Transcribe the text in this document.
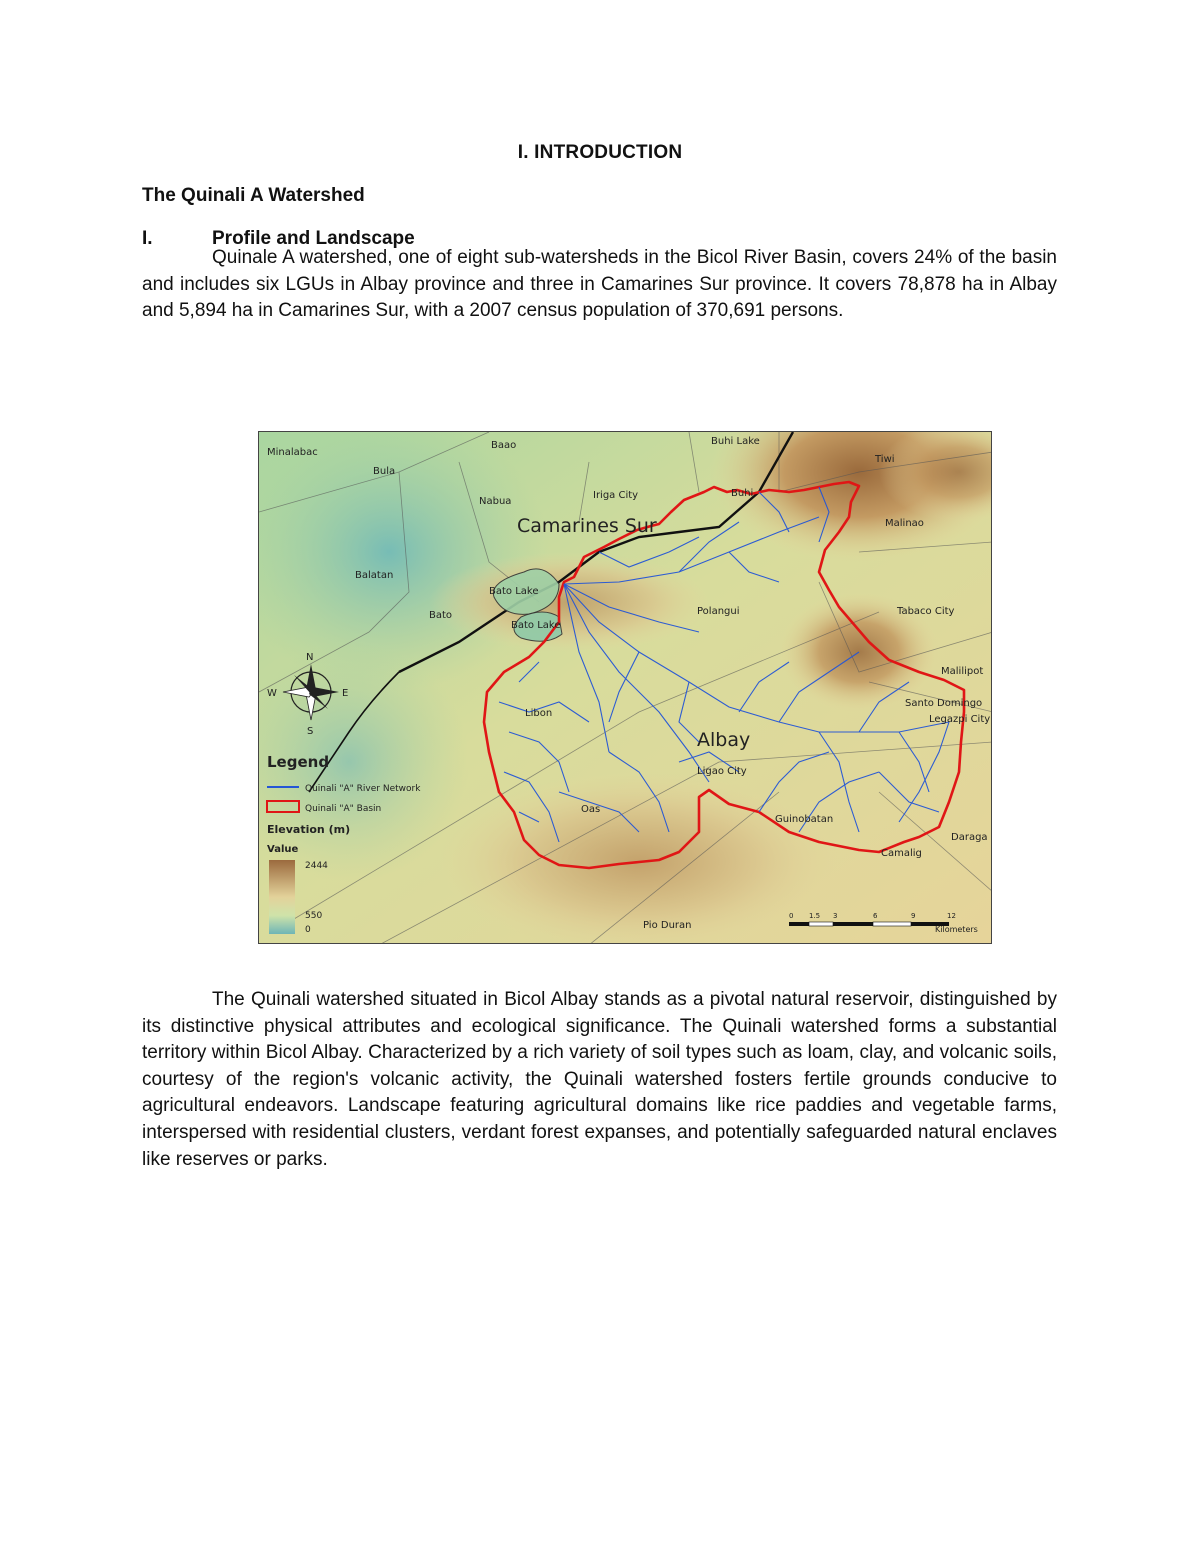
I. INTRODUCTION
The Quinali A Watershed
I.	Profile and Landscape

Quinale A watershed, one of eight sub-watersheds in the Bicol River Basin, covers 24% of the basin and includes six LGUs in Albay province and three in Camarines Sur province. It covers 78,878 ha in Albay and 5,894 ha in Camarines Sur, with a 2007 census population of 370,691 persons.

Camarines Sur
Albay
Minalabac
Baao	Buhi Lake
Bula
Tiwi
Nabua
Iriga City	Buhi
Malinao
Balatan
Bato Lake
Bato
Bato Lake
Polangui	Tabaco City
Malilipot
Santo Domingo
Legazpi City
Libon
Ligao City
Oas
Guinobatan
Daraga
Camalig
Pio Duran
N
S
E
W
Legend
Quinali "A" River Network
Quinali "A" Basin
Elevation (m)
Value
2444
550
0
0 1.5 3	6	9	12
Kilometers

The Quinali watershed situated in Bicol Albay stands as a pivotal natural reservoir, distinguished by its distinctive physical attributes and ecological significance. The Quinali watershed forms a substantial territory within Bicol Albay. Characterized by a rich variety of soil types such as loam, clay, and volcanic soils, courtesy of the region's volcanic activity, the Quinali watershed fosters fertile grounds conducive to agricultural endeavors. Landscape featuring agricultural domains like rice paddies and vegetable farms, interspersed with residential clusters, verdant forest expanses, and potentially safeguarded natural enclaves like reserves or parks.
